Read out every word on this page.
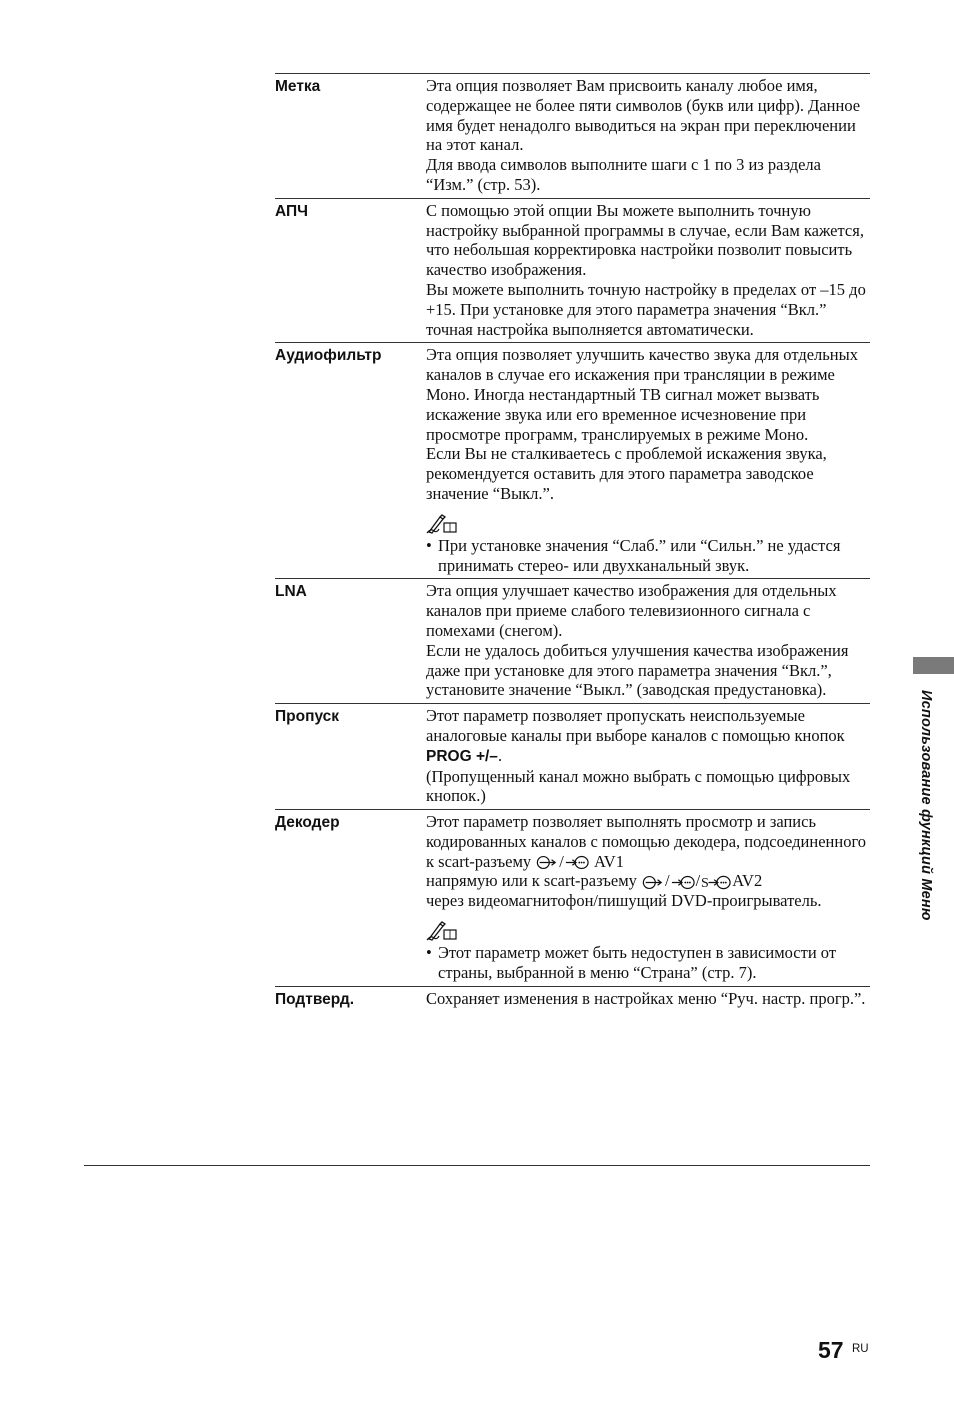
Метка	Эта опция позволяет Вам присвоить каналу любое имя, содержащее не более пяти символов (букв или цифр). Данное имя будет ненадолго выводиться на экран при переключении на этот канал.

Для ввода символов выполните шаги с 1 по 3 из раздела “Изм.” (стр. 53).

АПЧ	С помощью этой опции Вы можете выполнить точную настройку выбранной программы в случае, если Вам кажется, что небольшая корректировка настройки позволит повысить качество изображения.

Вы можете выполнить точную настройку в пределах от –15 до +15. При установке для этого параметра значения “Вкл.” точная настройка выполняется автоматически.

Аудиофильтр	Эта опция позволяет улучшить качество звука для отдельных каналов в случае его искажения при трансляции в режиме Моно. Иногда нестандартный ТВ сигнал может вызвать искажение звука или его временное исчезновение при просмотре программ, транслируемых в режиме Моно.

Если Вы не сталкиваетесь с проблемой искажения звука, рекомендуется оставить для этого параметра заводское значение “Выкл.”.

• При установке значения “Слаб.” или “Сильн.” не удастся принимать стерео- или двухканальный звук.
LNA	Эта опция улучшает качество изображения для отдельных каналов при приеме слабого телевизионного сигнала с помехами (снегом).

Если не удалось добиться улучшения качества изображения даже при установке для этого параметра значения “Вкл.”, установите значение “Выкл.” (заводская предустановка).

Пропуск	Этот параметр позволяет пропускать неиспользуемые аналоговые каналы при выборе каналов с помощью кнопок PROG +/–.

(Пропущенный канал можно выбрать с помощью цифровых кнопок.)

Декодер	Этот параметр позволяет выполнять просмотр и запись кодированных каналов с помощью декодера, подсоединенного к scart-разъему / AV1
напрямую или к scart-разъему / / AV2
через видеомагнитофон/пишущий DVD-проигрыватель.

• Этот параметр может быть недоступен в зависимости от страны, выбранной в меню “Страна” (стр. 7).
Подтверд.	Сохраняет изменения в настройках меню “Руч. настр. прогр.”.

Использование функций Меню
57 RU
